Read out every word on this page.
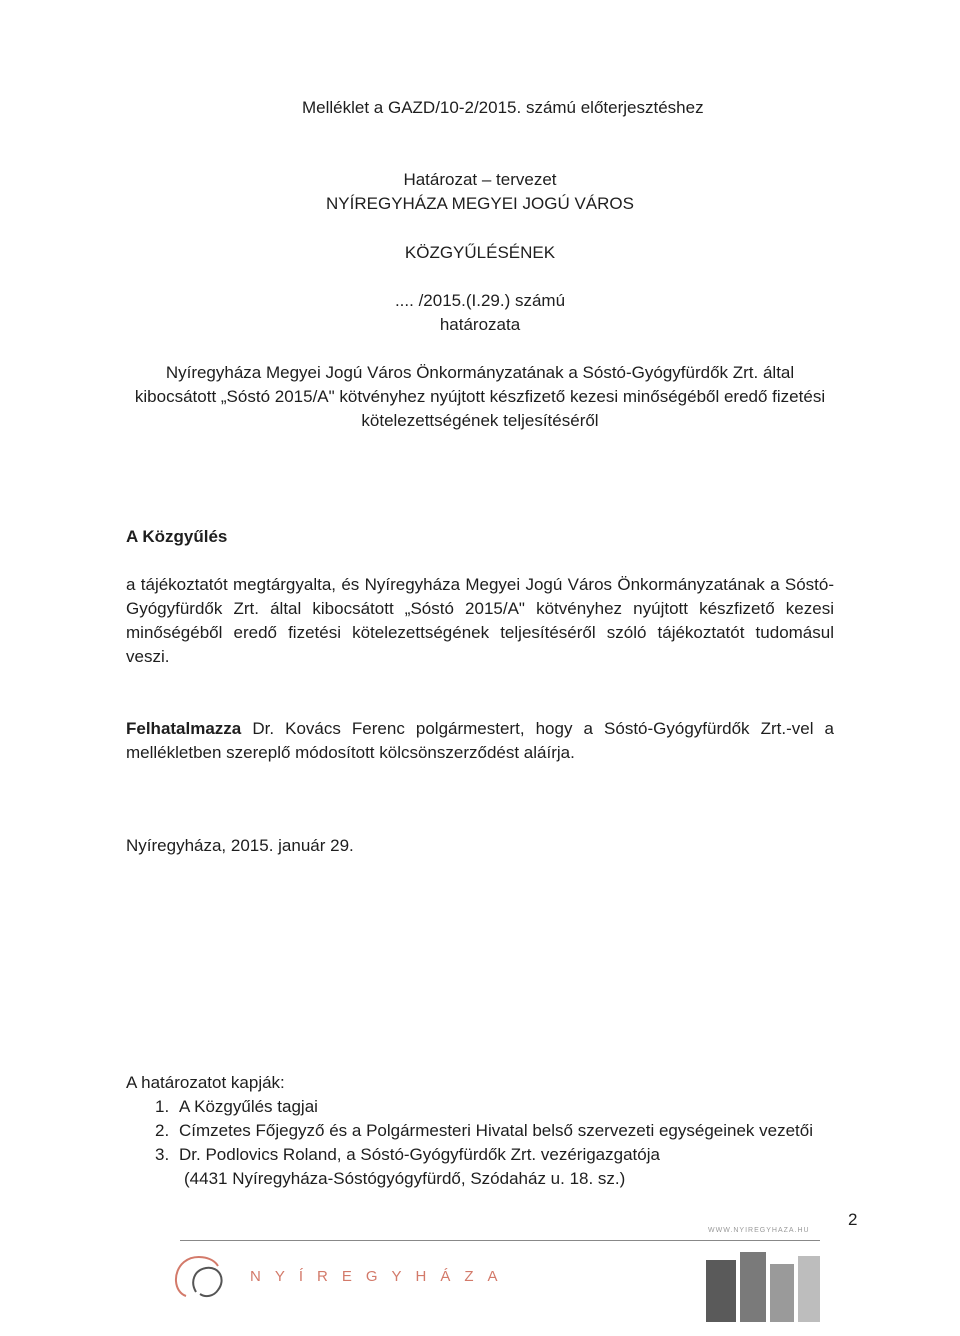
Melléklet a GAZD/10-2/2015. számú előterjesztéshez
Határozat – tervezet
NYÍREGYHÁZA MEGYEI JOGÚ VÁROS
KÖZGYŰLÉSÉNEK
.... /2015.(I.29.) számú
határozata
Nyíregyháza Megyei Jogú Város Önkormányzatának a Sóstó-Gyógyfürdők Zrt. által
kibocsátott „Sóstó 2015/A" kötvényhez nyújtott készfizető kezesi minőségéből eredő fizetési
kötelezettségének teljesítéséről
A Közgyűlés
a tájékoztatót megtárgyalta, és Nyíregyháza Megyei Jogú Város Önkormányzatának a Sóstó-Gyógyfürdők Zrt. által kibocsátott „Sóstó 2015/A" kötvényhez nyújtott készfizető kezesi minőségéből eredő fizetési kötelezettségének teljesítéséről szóló tájékoztatót tudomásul veszi.
Felhatalmazza Dr. Kovács Ferenc polgármestert, hogy a Sóstó-Gyógyfürdők Zrt.-vel a mellékletben szereplő módosított kölcsönszerződést aláírja.
Nyíregyháza, 2015. január 29.
A határozatot kapják:
1. A Közgyűlés tagjai
2. Címzetes Főjegyző és a Polgármesteri Hivatal belső szervezeti egységeinek vezetői
3. Dr. Podlovics Roland, a Sóstó-Gyógyfürdők Zrt. vezérigazgatója
(4431 Nyíregyháza-Sóstógyógyfürdő, Szódaház u. 18. sz.)
2
WWW.NYIREGYHAZA.HU
NYÍREGYHÁZA
